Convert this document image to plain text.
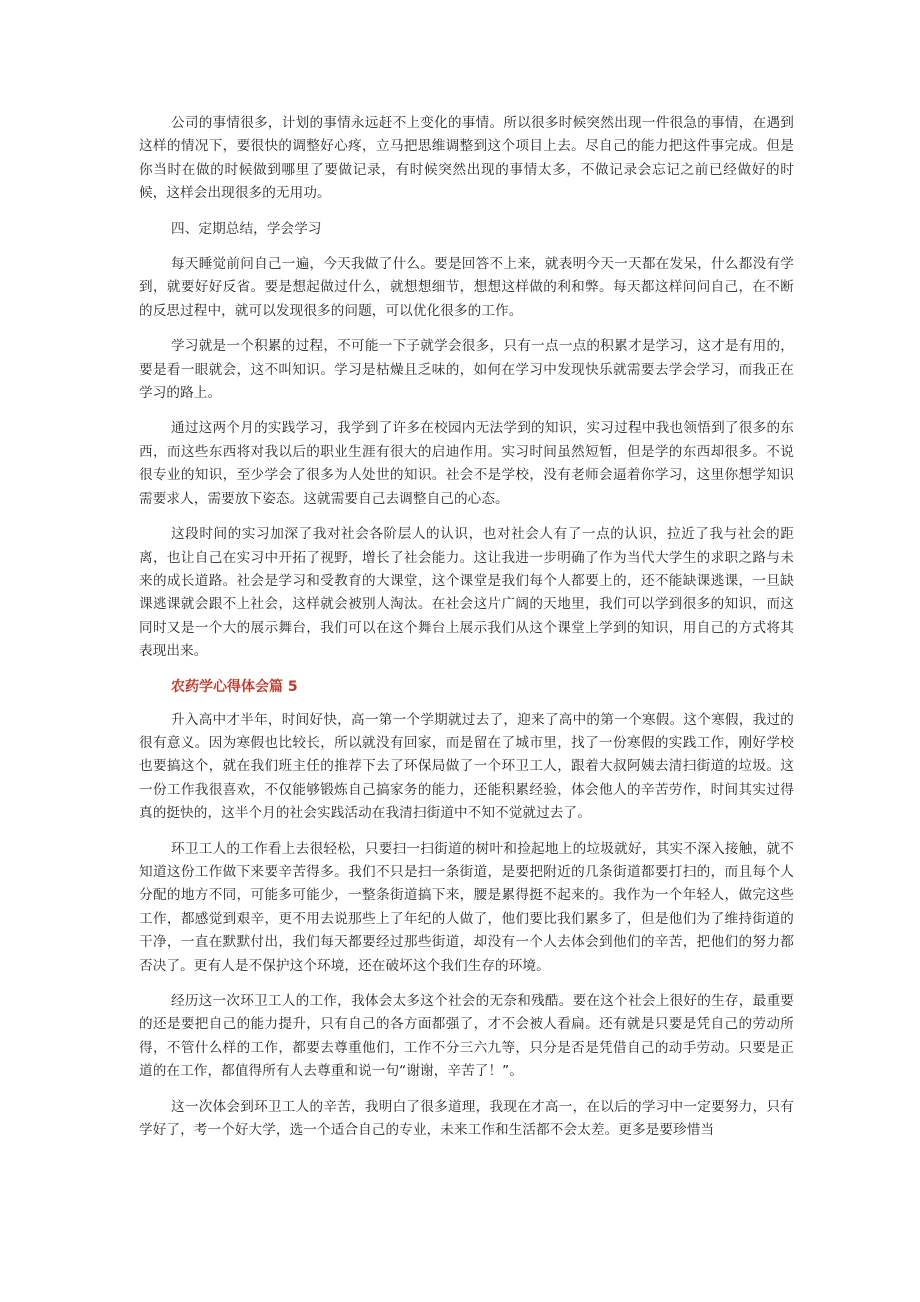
公司的事情很多，计划的事情永远赶不上变化的事情。所以很多时候突然出现一件很急的事情，在遇到这样的情况下，要很快的调整好心疼，立马把思维调整到这个项目上去。尽自己的能力把这件事完成。但是你当时在做的时候做到哪里了要做记录，有时候突然出现的事情太多，不做记录会忘记之前已经做好的时候，这样会出现很多的无用功。

四、定期总结，学会学习

每天睡觉前问自己一遍，今天我做了什么。要是回答不上来，就表明今天一天都在发呆，什么都没有学到，就要好好反省。要是想起做过什么，就想想细节，想想这样做的利和弊。每天都这样问问自己，在不断的反思过程中，就可以发现很多的问题，可以优化很多的工作。

学习就是一个积累的过程，不可能一下子就学会很多，只有一点一点的积累才是学习，这才是有用的，要是看一眼就会，这不叫知识。学习是枯燥且乏味的，如何在学习中发现快乐就需要去学会学习，而我正在学习的路上。

通过这两个月的实践学习，我学到了许多在校园内无法学到的知识，实习过程中我也领悟到了很多的东西，而这些东西将对我以后的职业生涯有很大的启迪作用。实习时间虽然短暂，但是学的东西却很多。不说很专业的知识，至少学会了很多为人处世的知识。社会不是学校，没有老师会逼着你学习，这里你想学知识需要求人，需要放下姿态。这就需要自己去调整自己的心态。

这段时间的实习加深了我对社会各阶层人的认识，也对社会人有了一点的认识，拉近了我与社会的距离，也让自己在实习中开拓了视野，增长了社会能力。这让我进一步明确了作为当代大学生的求职之路与未来的成长道路。社会是学习和受教育的大课堂，这个课堂是我们每个人都要上的，还不能缺课逃课，一旦缺课逃课就会跟不上社会，这样就会被别人淘汰。在社会这片广阔的天地里，我们可以学到很多的知识，而这同时又是一个大的展示舞台，我们可以在这个舞台上展示我们从这个课堂上学到的知识，用自己的方式将其表现出来。

农药学心得体会篇 5

升入高中才半年，时间好快，高一第一个学期就过去了，迎来了高中的第一个寒假。这个寒假，我过的很有意义。因为寒假也比较长，所以就没有回家，而是留在了城市里，找了一份寒假的实践工作，刚好学校也要搞这个，就在我们班主任的推荐下去了环保局做了一个环卫工人，跟着大叔阿姨去清扫街道的垃圾。这一份工作我很喜欢，不仅能够锻炼自己搞家务的能力，还能积累经验，体会他人的辛苦劳作，时间其实过得真的挺快的，这半个月的社会实践活动在我清扫街道中不知不觉就过去了。

环卫工人的工作看上去很轻松，只要扫一扫街道的树叶和捡起地上的垃圾就好，其实不深入接触，就不知道这份工作做下来要辛苦得多。我们不只是扫一条街道，是要把附近的几条街道都要打扫的，而且每个人分配的地方不同，可能多可能少，一整条街道搞下来，腰是累得挺不起来的。我作为一个年轻人，做完这些工作，都感觉到艰辛，更不用去说那些上了年纪的人做了，他们要比我们累多了，但是他们为了维持街道的干净，一直在默默付出，我们每天都要经过那些街道，却没有一个人去体会到他们的辛苦，把他们的努力都否决了。更有人是不保护这个环境，还在破坏这个我们生存的环境。

经历这一次环卫工人的工作，我体会太多这个社会的无奈和残酷。要在这个社会上很好的生存，最重要的还是要把自己的能力提升，只有自己的各方面都强了，才不会被人看扁。还有就是只要是凭自己的劳动所得，不管什么样的工作，都要去尊重他们，工作不分三六九等，只分是否是凭借自己的动手劳动。只要是正道的在工作，都值得所有人去尊重和说一句“谢谢，辛苦了！”。

这一次体会到环卫工人的辛苦，我明白了很多道理，我现在才高一，在以后的学习中一定要努力，只有学好了，考一个好大学，选一个适合自己的专业，未来工作和生活都不会太差。更多是要珍惜当
